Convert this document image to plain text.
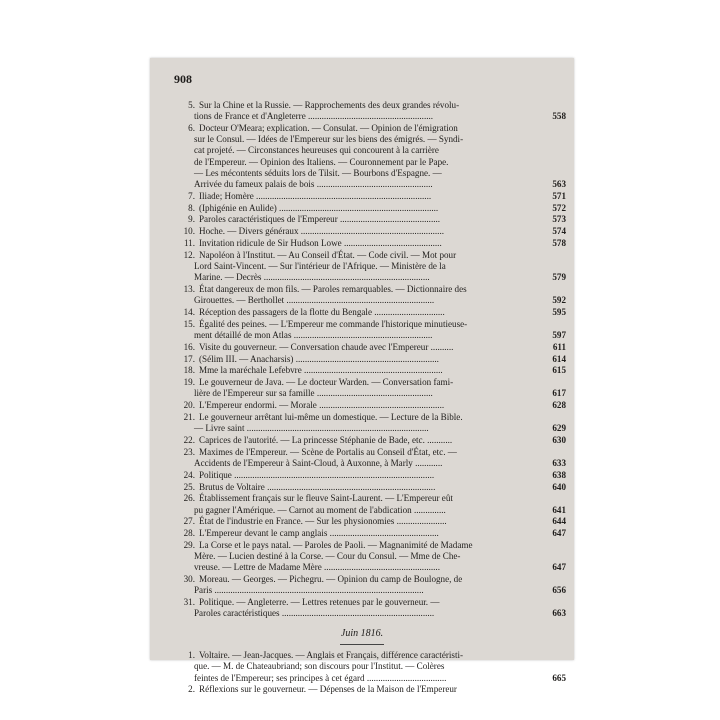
908
5. Sur la Chine et la Russie. — Rapprochements des deux grandes révolu-
tions de France et d'Angleterre .......................................................	558
6. Docteur O'Meara; explication. — Consulat. — Opinion de l'émigration
sur le Consul. — Idées de l'Empereur sur les biens des émigrés. — Syndi-
cat projeté. — Circonstances heureuses qui concourent à la carrière
de l'Empereur. — Opinion des Italiens. — Couronnement par le Pape.
— Les mécontents séduits lors de Tilsit. — Bourbons d'Espagne. —
Arrivée du fameux palais de bois ...................................................	563
7. Iliade; Homère .............................................................................	571
8. (Iphigénie en Aulide) ......................................................................	572
9. Paroles caractéristiques de l'Empereur ............................................	573
10. Hoche. — Divers généraux ...............................................................	574
11. Invitation ridicule de Sir Hudson Lowe ...........................................	578
12. Napoléon à l'Institut. — Au Conseil d'État. — Code civil. — Mot pour
Lord Saint-Vincent. — Sur l'intérieur de l'Afrique. — Ministère de la
Marine. — Decrès .........................................................................	579
13. État dangereux de mon fils. — Paroles remarquables. — Dictionnaire des
Girouettes. — Berthollet .................................................................	592
14. Réception des passagers de la flotte du Bengale ...............................	595
15. Égalité des peines. — L'Empereur me commande l'historique minutieuse-
ment détaillé de mon Atlas .............................................................	597
16. Visite du gouverneur. — Conversation chaude avec l'Empereur ..........	611
17. (Sélim III. — Anacharsis) ...............................................................	614
18. Mme la maréchale Lefebvre .............................................................	615
19. Le gouverneur de Java. — Le docteur Warden. — Conversation fami-
lière de l'Empereur sur sa famille ...................................................	617
20. L'Empereur endormi. — Morale .......................................................	628
21. Le gouverneur arrêtant lui-même un domestique. — Lecture de la Bible.
— Livre saint ................................................................................	629
22. Caprices de l'autorité. — La princesse Stéphanie de Bade, etc. ...........	630
23. Maximes de l'Empereur. — Scène de Portalis au Conseil d'État, etc. —
Accidents de l'Empereur à Saint-Cloud, à Auxonne, à Marly ............	633
24. Politique ........................................................................................	638
25. Brutus de Voltaire ..........................................................................	640
26. Établissement français sur le fleuve Saint-Laurent. — L'Empereur eût
pu gagner l'Amérique. — Carnot au moment de l'abdication ..............	641
27. État de l'industrie en France. — Sur les physionomies ......................	644
28. L'Empereur devant le camp anglais ................................................	647
29. La Corse et le pays natal. — Paroles de Paoli. — Magnanimité de Madame
Mère. — Lucien destiné à la Corse. — Cour du Consul. — Mme de Che-
vreuse. — Lettre de Madame Mère ...................................................	647
30. Moreau. — Georges. — Pichegru. — Opinion du camp de Boulogne, de
Paris ............................................................................................	656
31. Politique. — Angleterre. — Lettres retenues par le gouverneur. —
Paroles caractéristiques ...................................................................	663
1. Voltaire. — Jean-Jacques. — Anglais et Français, différence caractéristi-
que. — M. de Chateaubriand; son discours pour l'Institut. — Colères
feintes de l'Empereur; ses principes à cet égard ...................................	665
2. Réflexions sur le gouverneur. — Dépenses de la Maison de l'Empereur
Juin 1816.
